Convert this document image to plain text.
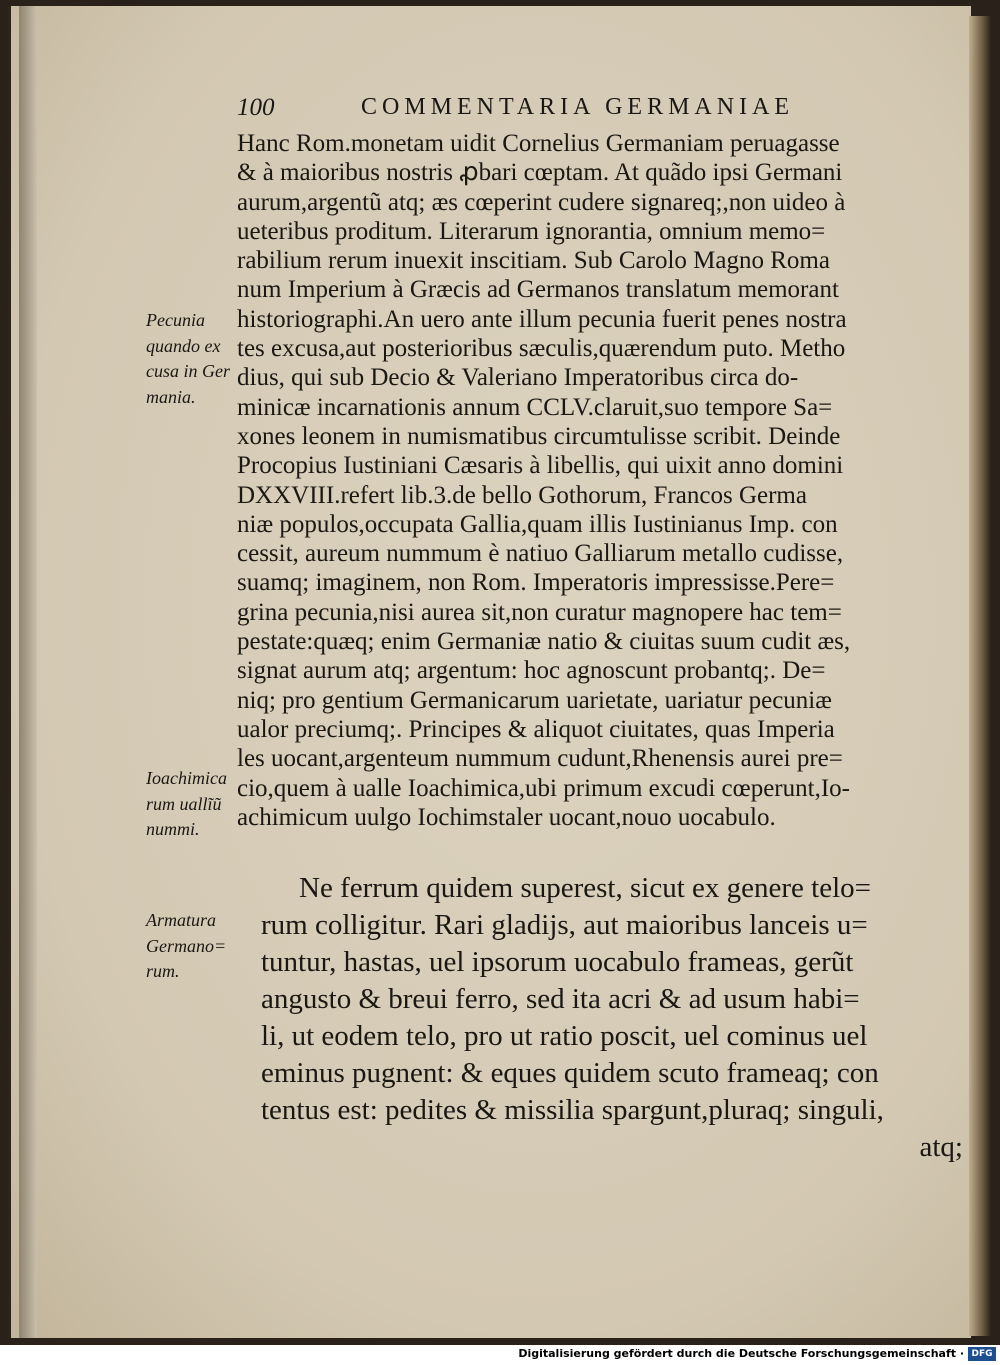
100	COMMENTARIA GERMANIAE
Pecunia
quando ex
cusa in Ger
mania.
Ioachimica
rum uallĩũ
nummi.
Armatura
Germano=
rum.
Hanc Rom.monetam uidit Cornelius Germaniam peruagasse
& à maioribus nostris ꝓbari cœptam. At quãdo ipsi Germani
aurum,argentũ atq; æs cœperint cudere signareq;,non uideo à
ueteribus proditum. Literarum ignorantia, omnium memo=
rabilium rerum inuexit inscitiam. Sub Carolo Magno Roma
num Imperium à Græcis ad Germanos translatum memorant
historiographi.An uero ante illum pecunia fuerit penes nostra
tes excusa,aut posterioribus sæculis,quærendum puto. Metho
dius, qui sub Decio & Valeriano Imperatoribus circa do-
minicæ incarnationis annum CCLV.claruit,suo tempore Sa=
xones leonem in numismatibus circumtulisse scribit. Deinde
Procopius Iustiniani Cæsaris à libellis, qui uixit anno domini
DXXVIII.refert lib.3.de bello Gothorum, Francos Germa
niæ populos,occupata Gallia,quam illis Iustinianus Imp. con
cessit, aureum nummum è natiuo Galliarum metallo cudisse,
suamq; imaginem, non Rom. Imperatoris impressisse.Pere=
grina pecunia,nisi aurea sit,non curatur magnopere hac tem=
pestate:quæq; enim Germaniæ natio & ciuitas suum cudit æs,
signat aurum atq; argentum: hoc agnoscunt probantq;. De=
niq; pro gentium Germanicarum uarietate, uariatur pecuniæ
ualor preciumq;. Principes & aliquot ciuitates, quas Imperia
les uocant,argenteum nummum cudunt,Rhenensis aurei pre=
cio,quem à ualle Ioachimica,ubi primum excudi cœperunt,Io-
achimicum uulgo Iochimstaler uocant,nouo uocabulo.
Ne ferrum quidem superest, sicut ex genere telo=
rum colligitur. Rari gladijs, aut maioribus lanceis u=
tuntur, hastas, uel ipsorum uocabulo frameas, gerũt
angusto & breui ferro, sed ita acri & ad usum habi=
li, ut eodem telo, pro ut ratio poscit, uel cominus uel
eminus pugnent: & eques quidem scuto frameaq; con
tentus est: pedites & missilia spargunt,pluraq; singuli,
atq;
Digitalisierung gefördert durch die Deutsche Forschungsgemeinschaft · DFG
